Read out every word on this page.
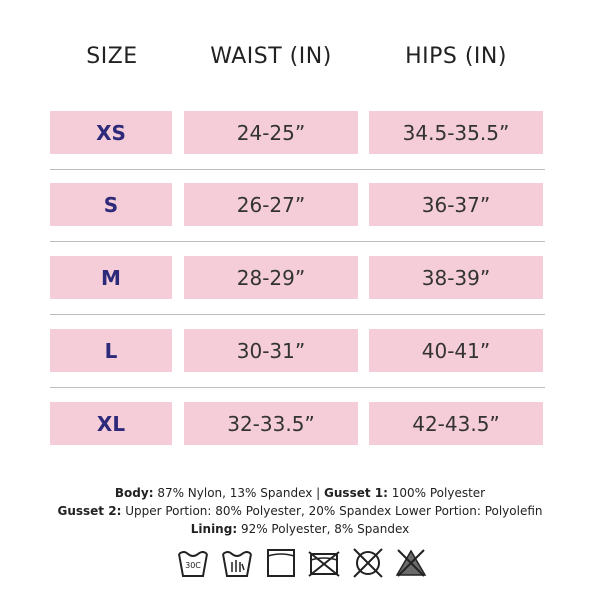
SIZE	WAIST (IN)	HIPS (IN)
XS	24-25”	34.5-35.5”
S	26-27”	36-37”
M	28-29”	38-39”
L	30-31”	40-41”
XL	32-33.5”	42-43.5”
Body: 87% Nylon, 13% Spandex | Gusset 1: 100% Polyester
Gusset 2: Upper Portion: 80% Polyester, 20% Spandex Lower Portion: Polyolefin
Lining: 92% Polyester, 8% Spandex
30C
